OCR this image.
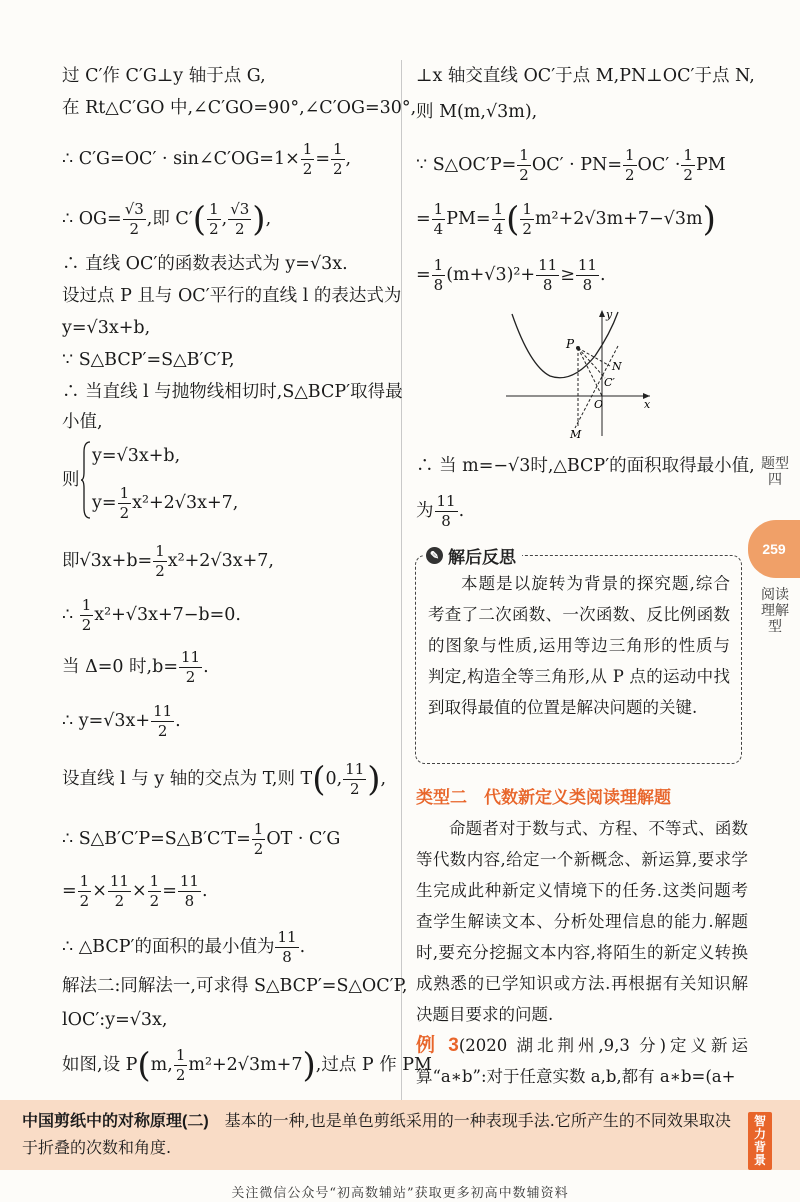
过 C′作 C′G⊥y 轴于点 G,
在 Rt△C′GO 中,∠C′GO=90°,∠C′OG=30°,
∴ C′G=OC′ · sin∠C′OG=1× $\frac{1}{2} = \frac{1}{2}$ ,
∴ $OG= \frac{√3}{2}$ ,即 $C'( \frac{1}{2}$ , $\frac{√3}{2}$ ),
∴ 直线 OC′的函数表达式为 y=√3x.
设过点 P 且与 OC′平行的直线 l 的表达式为
y=√3x+b,
∵ S△BCP′=S△B′C′P,
∴ 当直线 l 与抛物线相切时,S△BCP′取得最
小值,
则
y=√3x+b,
$y= \frac{1}{2} x^2+2√3x+7$,
即$√3x+b= \frac{1}{2} x^2+2√3x+7$,
∴ $\frac{1}{2} x^2+√3x+7-b=0$.
当 Δ=0 时$,b= \frac{11}{2}$ .
∴ $y=√3x+ \frac{11}{2}$ .
设直线 l 与 y 轴的交点为 T,则 T(0, $\frac{11}{2}$ ),
∴ S△B′C′P=S△B′C′T= $\frac{1}{2}$ OT · C′G
= $\frac{1}{2} \times \frac{11}{2} \times \frac{1}{2} = \frac{11}{8}$ .
∴ △BCP′的面积的最小值为 $\frac{11}{8}$ .
解法二:同解法一,可求得 S△BCP′=S△OC′P,
lOC′:y=√3x,
如图,设 P(m, $\frac{1}{2} m^2+2√3m+7$),过点 P 作 PM
⊥x 轴交直线 OC′于点 M,PN⊥OC′于点 N,
则 M(m,√3m),
∵ S△OC′P= $\frac{1}{2} OC' \cdot PN= \frac{1}{2} OC' \cdot \frac{1}{2}$ PM
= $\frac{1}{4} PM= \frac{1}{4}$ ( $\frac{1}{2} m^2+2√3m+7-√3m$)
= $\frac{1}{8} (m+√3)^2+ \frac{11}{8} \ge \frac{11}{8}$ .
P
N
C′
O
M
x
y
∴ 当 m=−√3时,△BCP′的面积取得最小值,
为 $\frac{11}{8}$ .
✎ 解后反思
本题是以旋转为背景的探究题,综合考查了二次函数、一次函数、反比例函数的图象与性质,运用等边三角形的性质与判定,构造全等三角形,从 P 点的运动中找到取得最值的位置是解决问题的关键.
类型二　代数新定义类阅读理解题
命题者对于数与式、方程、不等式、函数等代数内容,给定一个新概念、新运算,要求学生完成此种新定义情境下的任务.这类问题考查学生解读文本、分析处理信息的能力.解题时,要充分挖掘文本内容,将陌生的新定义转换成熟悉的已学知识或方法.再根据有关知识解决题目要求的问题.
例 3(2020 湖北荆州,9,3 分)定义新运算“a∗b”:对于任意实数 a,b,都有 a∗b=(a+
题型四
259
阅读理解型
中国剪纸中的对称原理(二)　基本的一种,也是单色剪纸采用的一种表现手法.它所产生的不同效果取决于折叠的次数和角度.
智力背景
关注微信公众号“初高数辅站”获取更多初高中数辅资料
